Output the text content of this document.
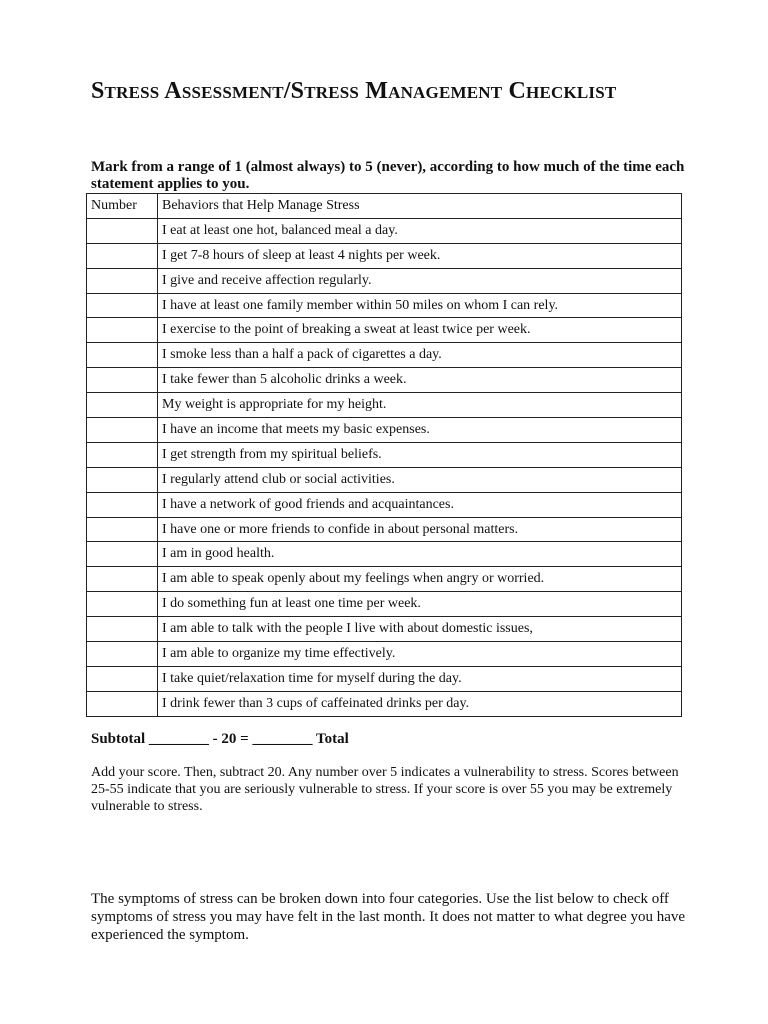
Stress Assessment/Stress Management Checklist

Mark from a range of 1 (almost always) to 5 (never), according to how much of the time each statement applies to you.

Number	Behaviors that Help Manage Stress
	I eat at least one hot, balanced meal a day.
	I get 7-8 hours of sleep at least 4 nights per week.
	I give and receive affection regularly.
	I have at least one family member within 50 miles on whom I can rely.
	I exercise to the point of breaking a sweat at least twice per week.
	I smoke less than a half a pack of cigarettes a day.
	I take fewer than 5 alcoholic drinks a week.
	My weight is appropriate for my height.
	I have an income that meets my basic expenses.
	I get strength from my spiritual beliefs.
	I regularly attend club or social activities.
	I have a network of good friends and acquaintances.
	I have one or more friends to confide in about personal matters.
	I am in good health.
	I am able to speak openly about my feelings when angry or worried.
	I do something fun at least one time per week.
	I am able to talk with the people I live with about domestic issues,
	I am able to organize my time effectively.
	I take quiet/relaxation time for myself during the day.
	I drink fewer than 3 cups of caffeinated drinks per day.

Subtotal ________ - 20 = ________ Total

Add your score. Then, subtract 20. Any number over 5 indicates a vulnerability to stress. Scores between 25-55 indicate that you are seriously vulnerable to stress. If your score is over 55 you may be extremely vulnerable to stress.

The symptoms of stress can be broken down into four categories. Use the list below to check off symptoms of stress you may have felt in the last month. It does not matter to what degree you have experienced the symptom.
